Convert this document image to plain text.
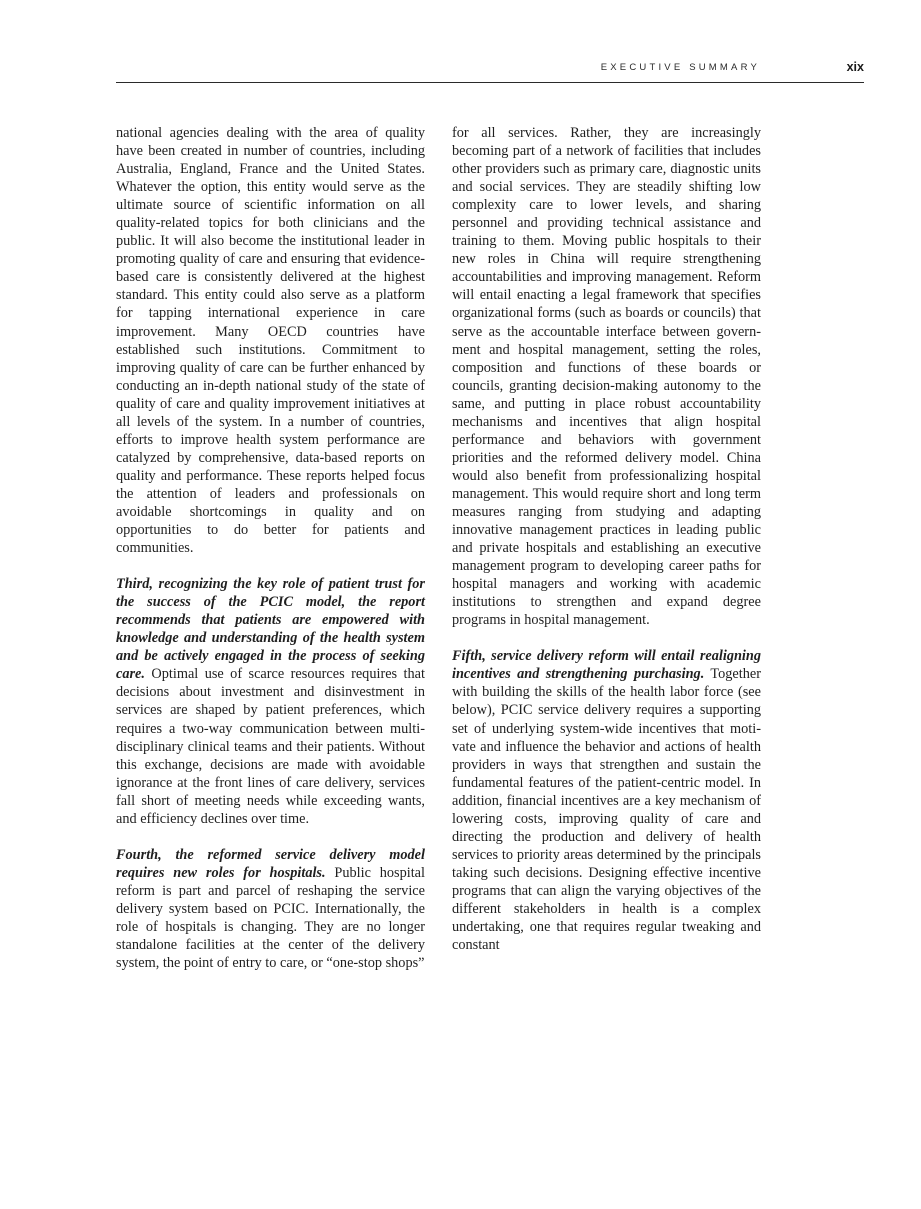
EXECUTIVE SUMMARY	xix

national agencies dealing with the area of quality have been created in number of countries, including Australia, England, France and the United States. Whatever the option, this entity would serve as the ultimate source of scientific information on all quality-related topics for both clinicians and the public. It will also become the institutional leader in promoting quality of care and ensuring that evidence-based care is consistently delivered at the highest standard. This entity could also serve as a platform for tapping international experience in care improvement. Many OECD countries have established such institutions. Commitment to improving quality of care can be further enhanced by conducting an in-depth national study of the state of quality of care and quality improvement initiatives at all levels of the system. In a number of countries, efforts to improve health system performance are catalyzed by comprehensive, data-based reports on quality and performance. These reports helped focus the attention of leaders and professionals on avoidable shortcomings in quality and on opportunities to do better for patients and communities.

Third, recognizing the key role of patient trust for the success of the PCIC model, the report recommends that patients are empowered with knowledge and understanding of the health system and be actively engaged in the process of seeking care. Optimal use of scarce resources requires that decisions about investment and disinvestment in services are shaped by patient preferences, which requires a two-way communication between multidisciplinary clinical teams and their patients. Without this exchange, decisions are made with avoidable ignorance at the front lines of care delivery, services fall short of meeting needs while exceeding wants, and efficiency declines over time.

Fourth, the reformed service delivery model requires new roles for hospitals. Public hospital reform is part and parcel of reshaping the service delivery system based on PCIC. Internationally, the role of hospitals is changing. They are no longer standalone facilities at the center of the delivery system, the point of entry to care, or “one-stop shops”

for all services. Rather, they are increasingly becoming part of a network of facilities that includes other providers such as primary care, diagnostic units and social services. They are steadily shifting low complexity care to lower levels, and sharing personnel and providing technical assistance and training to them. Moving public hospitals to their new roles in China will require strengthening accountabilities and improving management. Reform will entail enacting a legal framework that specifies organizational forms (such as boards or councils) that serve as the accountable interface between government and hospital management, setting the roles, composition and functions of these boards or councils, granting decision-making autonomy to the same, and putting in place robust accountability mechanisms and incentives that align hospital performance and behaviors with government priorities and the reformed delivery model. China would also benefit from professionalizing hospital management. This would require short and long term measures ranging from studying and adapting innovative management practices in leading public and private hospitals and establishing an executive management program to developing career paths for hospital managers and working with academic institutions to strengthen and expand degree programs in hospital management.

Fifth, service delivery reform will entail realigning incentives and strengthening purchasing. Together with building the skills of the health labor force (see below), PCIC service delivery requires a supporting set of underlying system-wide incentives that motivate and influence the behavior and actions of health providers in ways that strengthen and sustain the fundamental features of the patient-centric model. In addition, financial incentives are a key mechanism of lowering costs, improving quality of care and directing the production and delivery of health services to priority areas determined by the principals taking such decisions. Designing effective incentive programs that can align the varying objectives of the different stakeholders in health is a complex undertaking, one that requires regular tweaking and constant
